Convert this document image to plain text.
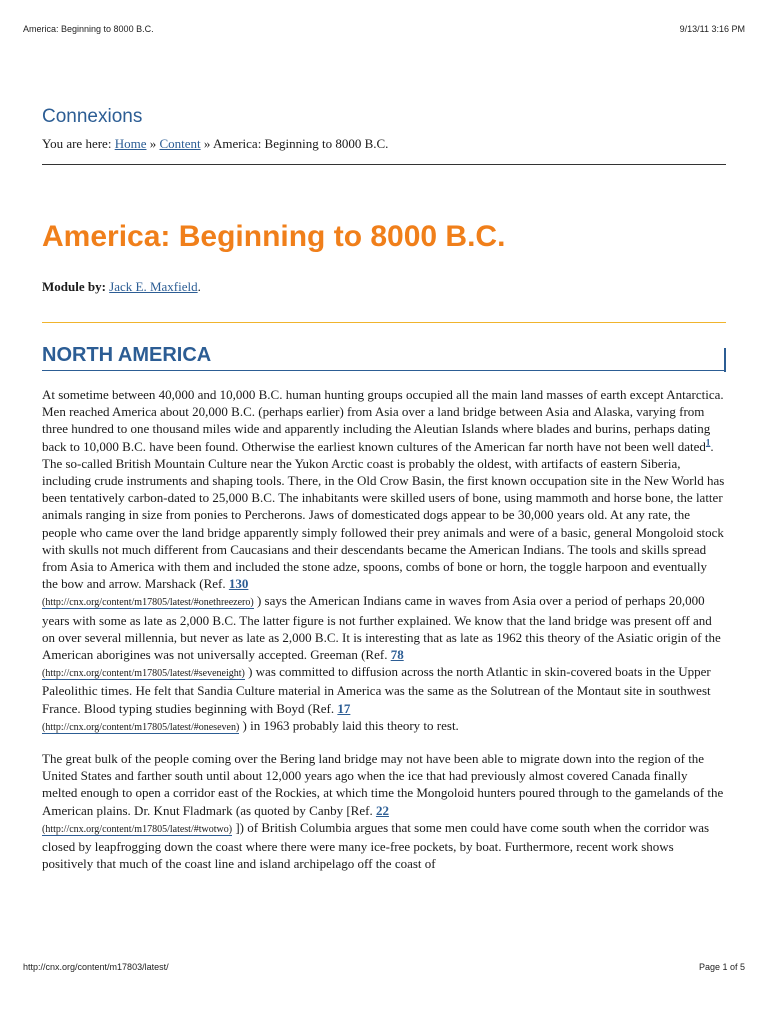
America: Beginning to 8000 B.C.	9/13/11 3:16 PM
Connexions
You are here: Home » Content » America: Beginning to 8000 B.C.
America: Beginning to 8000 B.C.
Module by: Jack E. Maxfield.
NORTH AMERICA

At sometime between 40,000 and 10,000 B.C. human hunting groups occupied all the main land masses of earth except Antarctica. Men reached America about 20,000 B.C. (perhaps earlier) from Asia over a land bridge between Asia and Alaska, varying from three hundred to one thousand miles wide and apparently including the Aleutian Islands where blades and burins, perhaps dating back to 10,000 B.C. have been found. Otherwise the earliest known cultures of the American far north have not been well dated$^1$. The so-called British Mountain Culture near the Yukon Arctic coast is probably the oldest, with artifacts of eastern Siberia, including crude instruments and shaping tools. There, in the Old Crow Basin, the first known occupation site in the New World has been tentatively carbon-dated to 25,000 B.C. The inhabitants were skilled users of bone, using mammoth and horse bone, the latter animals ranging in size from ponies to Percherons. Jaws of domesticated dogs appear to be 30,000 years old. At any rate, the people who came over the land bridge apparently simply followed their prey animals and were of a basic, general Mongoloid stock with skulls not much different from Caucasians and their descendants became the American Indians. The tools and skills spread from Asia to America with them and included the stone adze, spoons, combs of bone or horn, the toggle harpoon and eventually the bow and arrow. Marshack (Ref. 130
(http://cnx.org/content/m17805/latest/#onethreezero) ) says the American Indians came in waves from Asia over a period of perhaps 20,000 years with some as late as 2,000 B.C. The latter figure is not further explained. We know that the land bridge was present off and on over several millennia, but never as late as 2,000 B.C. It is interesting that as late as 1962 this theory of the Asiatic origin of the American aborigines was not universally accepted. Greeman (Ref. 78
(http://cnx.org/content/m17805/latest/#seveneight) ) was committed to diffusion across the north Atlantic in skin-covered boats in the Upper Paleolithic times. He felt that Sandia Culture material in America was the same as the Solutrean of the Montaut site in southwest France. Blood typing studies beginning with Boyd (Ref. 17
(http://cnx.org/content/m17805/latest/#oneseven) ) in 1963 probably laid this theory to rest.

The great bulk of the people coming over the Bering land bridge may not have been able to migrate down into the region of the United States and farther south until about 12,000 years ago when the ice that had previously almost covered Canada finally melted enough to open a corridor east of the Rockies, at which time the Mongoloid hunters poured through to the gamelands of the American plains. Dr. Knut Fladmark (as quoted by Canby [Ref. 22
(http://cnx.org/content/m17805/latest/#twotwo) ]) of British Columbia argues that some men could have come south when the corridor was closed by leapfrogging down the coast where there were many ice-free pockets, by boat. Furthermore, recent work shows positively that much of the coast line and island archipelago off the coast of

http://cnx.org/content/m17803/latest/	Page 1 of 5
